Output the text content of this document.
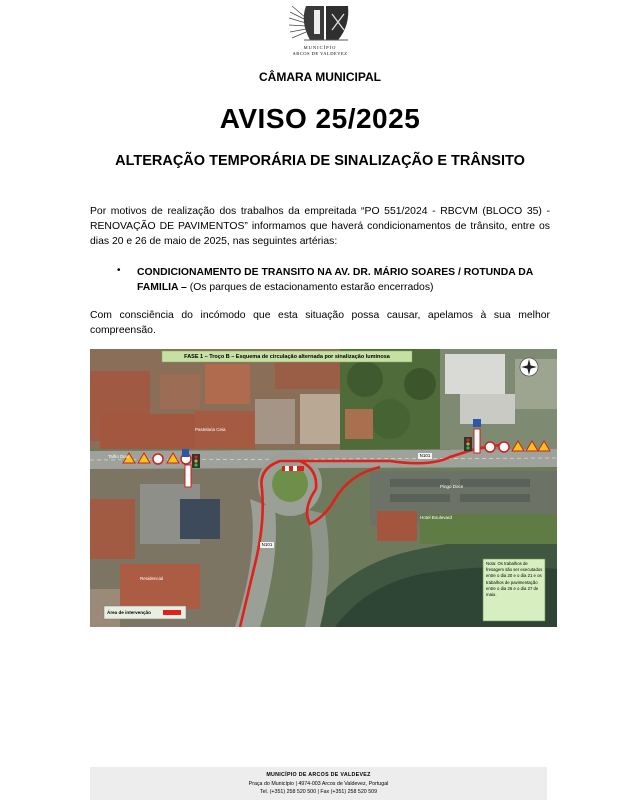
MUNICÍPIO
ARCOS DE VALDEVEZ
CÂMARA MUNICIPAL
AVISO 25/2025
ALTERAÇÃO TEMPORÁRIA DE SINALIZAÇÃO E TRÂNSITO
Por motivos de realização dos trabalhos da empreitada “PO 551/2024 - RBCVM (BLOCO 35) - RENOVAÇÃO DE PAVIMENTOS” informamos que haverá condicionamentos de trânsito, entre os dias 20 e 26 de maio de 2025, nas seguintes artérias:
•	CONDICIONAMENTO DE TRANSITO NA AV. DR. MÁRIO SOARES / ROTUNDA DA FAMILIA – (Os parques de estacionamento estarão encerrados)
Com consciência do incómodo que esta situação possa causar, apelamos à sua melhor compreensão.
FASE 1 – Troço B – Esquema de circulação alternada por sinalização luminosa
N101
N101
Pastelaria Ceia
Pingo Doce
Hotel Boulevard
Talho Dias
Residencial
Área de intervenção
Nota: Os trabalhos de fresagem são ser executados entre o dia 20 e o dia 21 e os trabalhos de pavimentação entre o dia 26 e o dia 27 de maio.
MUNICÍPIO DE ARCOS DE VALDEVEZ
Praça do Município | 4974-003 Arcos de Valdevez, Portugal
Tel. (+351) 258 520 500 | Fax (+351) 258 520 509
